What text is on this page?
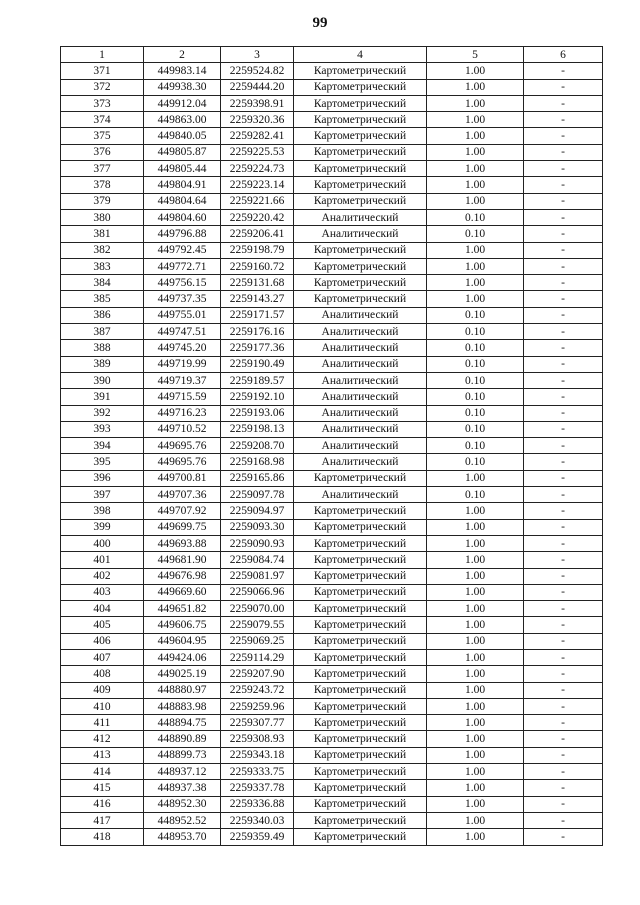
99
1	2	3	4	5	6
371	449983.14	2259524.82	Картометрический	1.00	-
372	449938.30	2259444.20	Картометрический	1.00	-
373	449912.04	2259398.91	Картометрический	1.00	-
374	449863.00	2259320.36	Картометрический	1.00	-
375	449840.05	2259282.41	Картометрический	1.00	-
376	449805.87	2259225.53	Картометрический	1.00	-
377	449805.44	2259224.73	Картометрический	1.00	-
378	449804.91	2259223.14	Картометрический	1.00	-
379	449804.64	2259221.66	Картометрический	1.00	-
380	449804.60	2259220.42	Аналитический	0.10	-
381	449796.88	2259206.41	Аналитический	0.10	-
382	449792.45	2259198.79	Картометрический	1.00	-
383	449772.71	2259160.72	Картометрический	1.00	-
384	449756.15	2259131.68	Картометрический	1.00	-
385	449737.35	2259143.27	Картометрический	1.00	-
386	449755.01	2259171.57	Аналитический	0.10	-
387	449747.51	2259176.16	Аналитический	0.10	-
388	449745.20	2259177.36	Аналитический	0.10	-
389	449719.99	2259190.49	Аналитический	0.10	-
390	449719.37	2259189.57	Аналитический	0.10	-
391	449715.59	2259192.10	Аналитический	0.10	-
392	449716.23	2259193.06	Аналитический	0.10	-
393	449710.52	2259198.13	Аналитический	0.10	-
394	449695.76	2259208.70	Аналитический	0.10	-
395	449695.76	2259168.98	Аналитический	0.10	-
396	449700.81	2259165.86	Картометрический	1.00	-
397	449707.36	2259097.78	Аналитический	0.10	-
398	449707.92	2259094.97	Картометрический	1.00	-
399	449699.75	2259093.30	Картометрический	1.00	-
400	449693.88	2259090.93	Картометрический	1.00	-
401	449681.90	2259084.74	Картометрический	1.00	-
402	449676.98	2259081.97	Картометрический	1.00	-
403	449669.60	2259066.96	Картометрический	1.00	-
404	449651.82	2259070.00	Картометрический	1.00	-
405	449606.75	2259079.55	Картометрический	1.00	-
406	449604.95	2259069.25	Картометрический	1.00	-
407	449424.06	2259114.29	Картометрический	1.00	-
408	449025.19	2259207.90	Картометрический	1.00	-
409	448880.97	2259243.72	Картометрический	1.00	-
410	448883.98	2259259.96	Картометрический	1.00	-
411	448894.75	2259307.77	Картометрический	1.00	-
412	448890.89	2259308.93	Картометрический	1.00	-
413	448899.73	2259343.18	Картометрический	1.00	-
414	448937.12	2259333.75	Картометрический	1.00	-
415	448937.38	2259337.78	Картометрический	1.00	-
416	448952.30	2259336.88	Картометрический	1.00	-
417	448952.52	2259340.03	Картометрический	1.00	-
418	448953.70	2259359.49	Картометрический	1.00	-
